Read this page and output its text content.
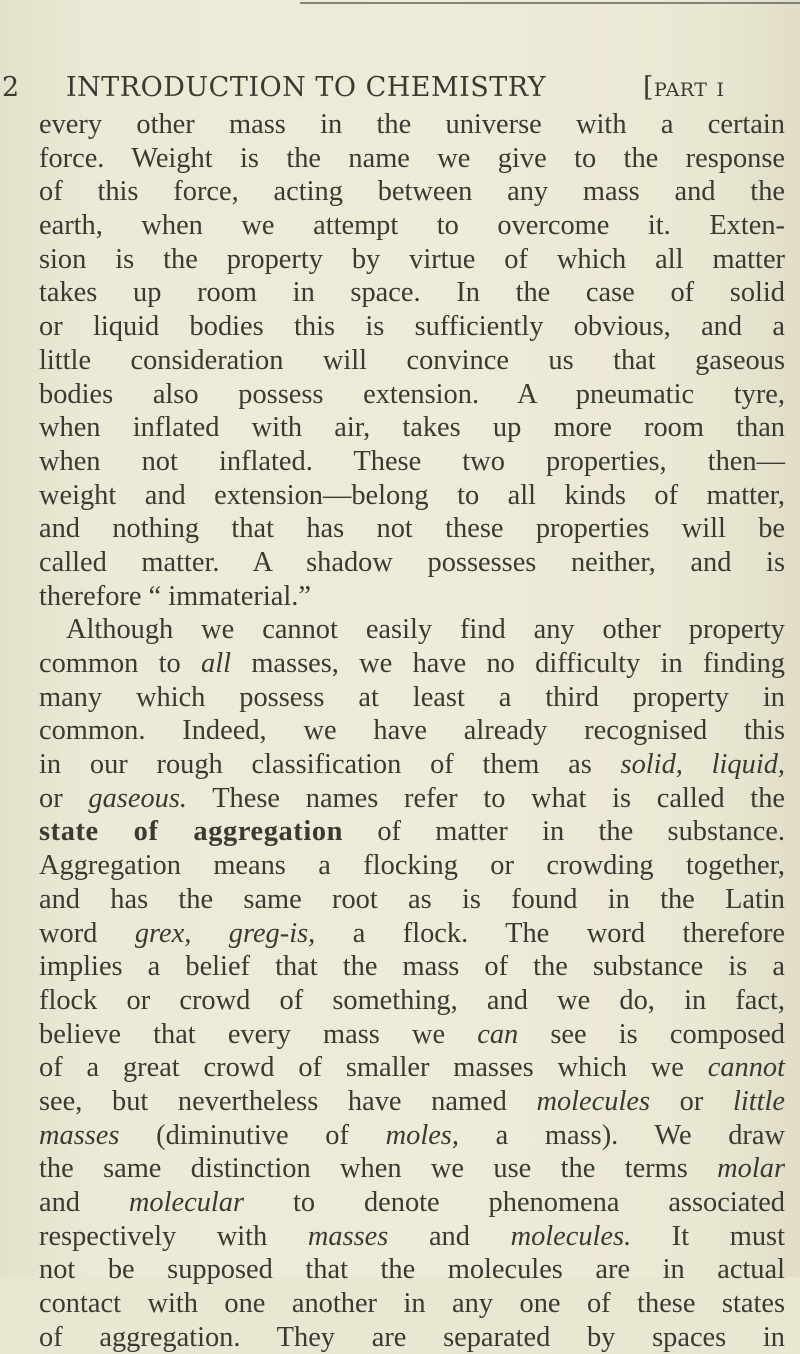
2 INTRODUCTION TO CHEMISTRY	[part i
every other mass in the universe with a certain
force. Weight is the name we give to the response
of this force, acting between any mass and the
earth, when we attempt to overcome it. Exten-
sion is the property by virtue of which all matter
takes up room in space. In the case of solid
or liquid bodies this is sufficiently obvious, and a
little consideration will convince us that gaseous
bodies also possess extension. A pneumatic tyre,
when inflated with air, takes up more room than
when not inflated. These two properties, then—
weight and extension—belong to all kinds of matter,
and nothing that has not these properties will be
called matter. A shadow possesses neither, and is
therefore “ immaterial.”
Although we cannot easily find any other property
common to all masses, we have no difficulty in finding
many which possess at least a third property in
common. Indeed, we have already recognised this
in our rough classification of them as solid, liquid,
or gaseous. These names refer to what is called the
state of aggregation of matter in the substance.
Aggregation means a flocking or crowding together,
and has the same root as is found in the Latin
word grex, greg-is, a flock. The word therefore
implies a belief that the mass of the substance is a
flock or crowd of something, and we do, in fact,
believe that every mass we can see is composed
of a great crowd of smaller masses which we cannot
see, but nevertheless have named molecules or little
masses (diminutive of moles, a mass). We draw
the same distinction when we use the terms molar
and molecular to denote phenomena associated
respectively with masses and molecules. It must
not be supposed that the molecules are in actual
contact with one another in any one of these states
of aggregation. They are separated by spaces in
